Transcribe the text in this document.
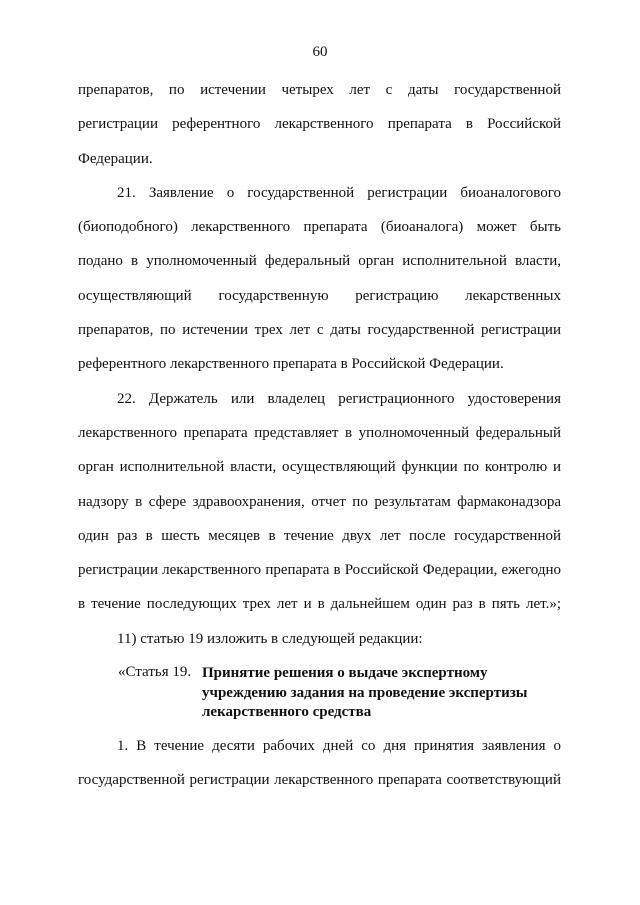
60
препаратов, по истечении четырех лет с даты государственной
регистрации референтного лекарственного препарата в Российской
Федерации.
21. Заявление о государственной регистрации биоаналогового
(биоподобного) лекарственного препарата (биоаналога) может быть
подано в уполномоченный федеральный орган исполнительной власти,
осуществляющий государственную регистрацию лекарственных
препаратов, по истечении трех лет с даты государственной регистрации
референтного лекарственного препарата в Российской Федерации.
22. Держатель или владелец регистрационного удостоверения
лекарственного препарата представляет в уполномоченный федеральный
орган исполнительной власти, осуществляющий функции по контролю и
надзору в сфере здравоохранения, отчет по результатам фармаконадзора
один раз в шесть месяцев в течение двух лет после государственной
регистрации лекарственного препарата в Российской Федерации, ежегодно
в течение последующих трех лет и в дальнейшем один раз в пять лет.»;
11) статью 19 изложить в следующей редакции:
«Статья 19. Принятие решения о выдаче экспертному
учреждению задания на проведение экспертизы
лекарственного средства
1. В течение десяти рабочих дней со дня принятия заявления о
государственной регистрации лекарственного препарата соответствующий
